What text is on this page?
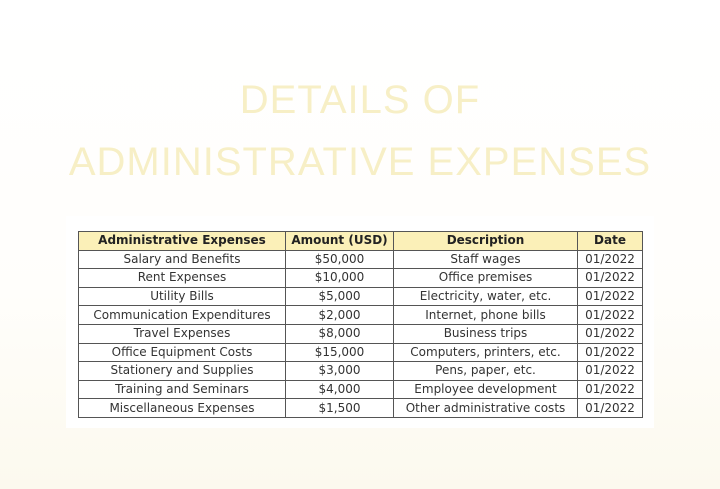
DETAILS OF
ADMINISTRATIVE EXPENSES
Administrative Expenses	Amount (USD)	Description	Date
Salary and Benefits	$50,000	Staff wages	01/2022
Rent Expenses	$10,000	Office premises	01/2022
Utility Bills	$5,000	Electricity, water, etc.	01/2022
Communication Expenditures	$2,000	Internet, phone bills	01/2022
Travel Expenses	$8,000	Business trips	01/2022
Office Equipment Costs	$15,000	Computers, printers, etc.	01/2022
Stationery and Supplies	$3,000	Pens, paper, etc.	01/2022
Training and Seminars	$4,000	Employee development	01/2022
Miscellaneous Expenses	$1,500	Other administrative costs	01/2022
